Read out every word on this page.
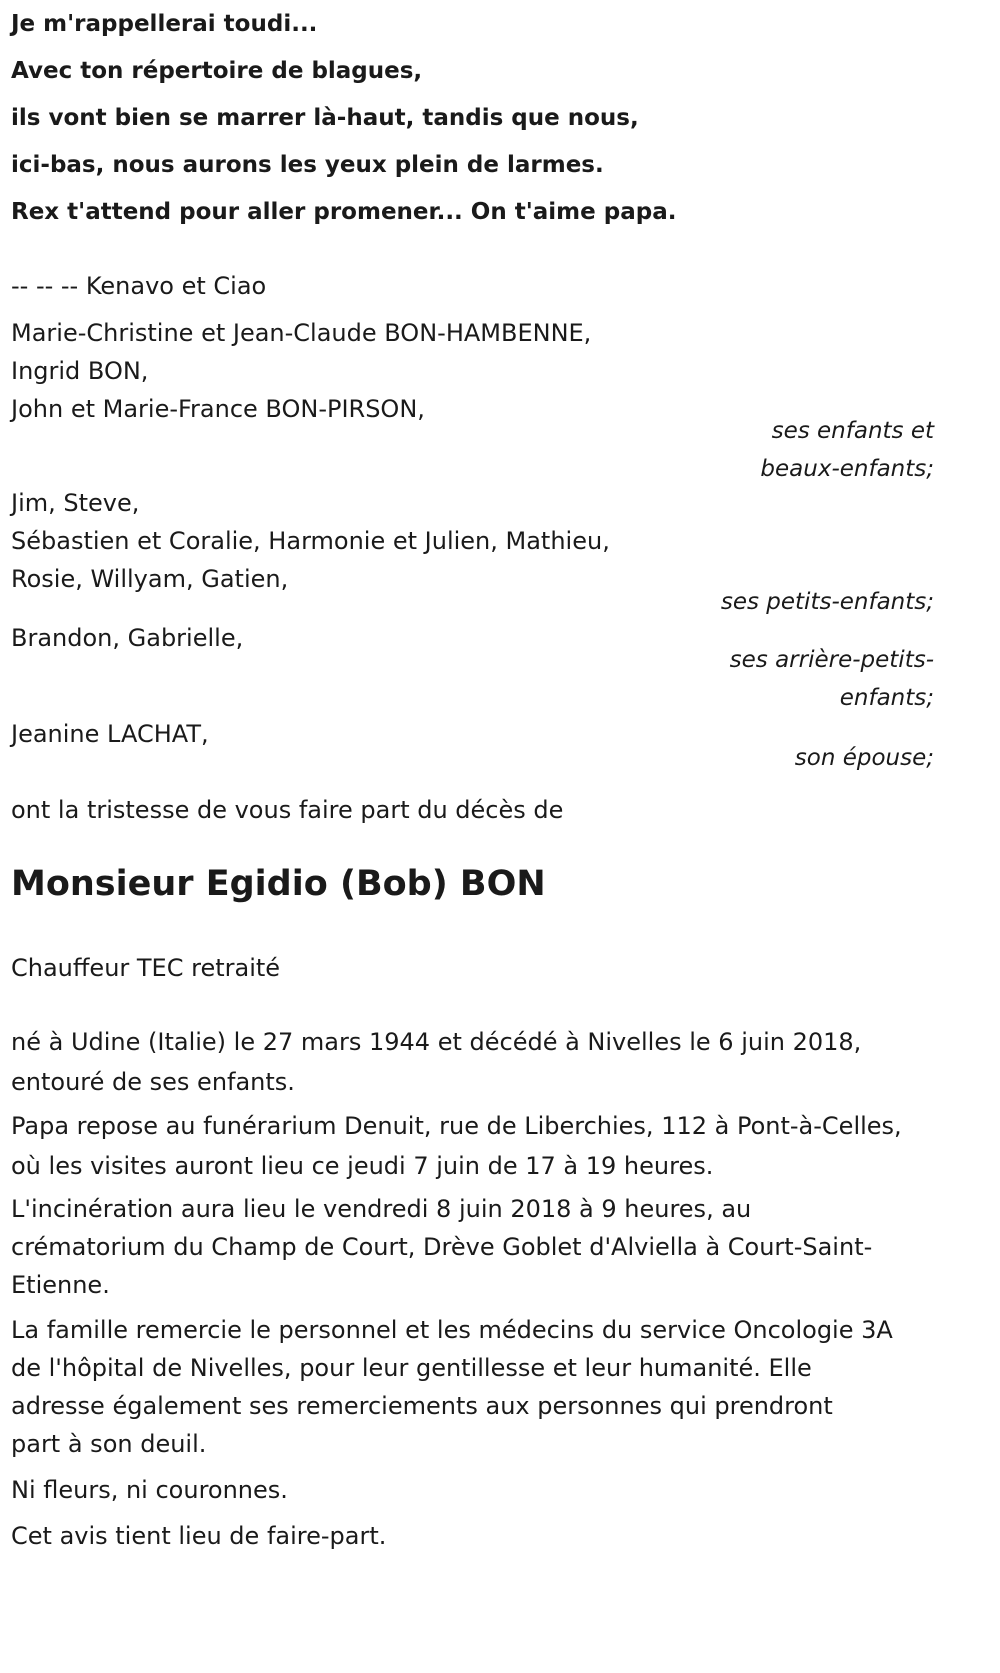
Je m'rappellerai toudi...
Avec ton répertoire de blagues,
ils vont bien se marrer là-haut, tandis que nous,
ici-bas, nous aurons les yeux plein de larmes.
Rex t'attend pour aller promener... On t'aime papa.
-- -- -- Kenavo et Ciao
Marie-Christine et Jean-Claude BON-HAMBENNE,
Ingrid BON,
John et Marie-France BON-PIRSON,
ses enfants et
beaux-enfants;
Jim, Steve,
Sébastien et Coralie, Harmonie et Julien, Mathieu,
Rosie, Willyam, Gatien,
ses petits-enfants;
Brandon, Gabrielle,
ses arrière-petits-
enfants;
Jeanine LACHAT,
son épouse;
ont la tristesse de vous faire part du décès de
Monsieur Egidio (Bob) BON
Chauffeur TEC retraité
né à Udine (Italie) le 27 mars 1944 et décédé à Nivelles le 6 juin 2018,
entouré de ses enfants.
Papa repose au funérarium Denuit, rue de Liberchies, 112 à Pont-à-Celles,
où les visites auront lieu ce jeudi 7 juin de 17 à 19 heures.
L'incinération aura lieu le vendredi 8 juin 2018 à 9 heures, au
crématorium du Champ de Court, Drève Goblet d'Alviella à Court-Saint-
Etienne.
La famille remercie le personnel et les médecins du service Oncologie 3A
de l'hôpital de Nivelles, pour leur gentillesse et leur humanité. Elle
adresse également ses remerciements aux personnes qui prendront
part à son deuil.
Ni fleurs, ni couronnes.
Cet avis tient lieu de faire-part.
